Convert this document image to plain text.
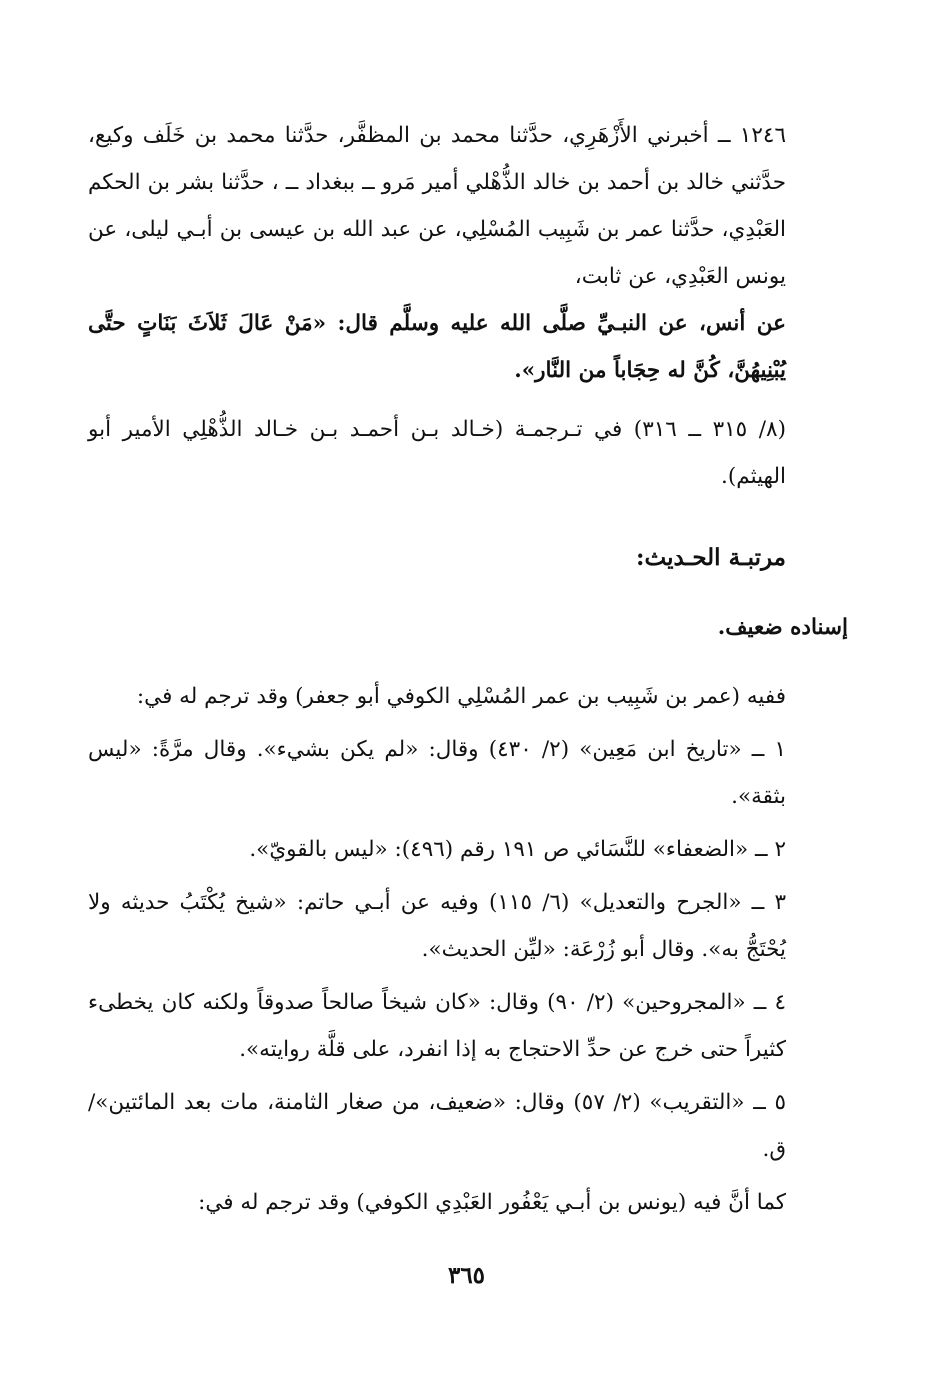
١٢٤٦ ــ أخبرني الأَزْهَرِي، حدَّثنا محمد بن المظفَّر، حدَّثنا محمد بن خَلَف وكيع، حدَّثني خالد بن أحمد بن خالد الذُّهْلي أمير مَرو ــ ببغداد ــ ، حدَّثنا بشر بن الحكم العَبْدِي، حدَّثنا عمر بن شَبِيب المُسْلِي، عن عبد الله بن عيسى بن أبـي ليلى، عن يونس العَبْدِي، عن ثابت،

عن أنس، عن النبـيِّ صلَّى الله عليه وسلَّم قال: «مَنْ عَالَ ثَلاَثَ بَنَاتٍ حتَّى يُبْنِيهُنَّ، كُنَّ له حِجَاباً من النَّار».

(٨/ ٣١٥ ــ ٣١٦) في تـرجمـة (خـالد بـن أحمـد بـن خـالد الذُّهْلِي الأمير أبو الهيثم).

مرتبـة الحـديث:

إسناده ضعيف.

ففيه (عمر بن شَبِيب بن عمر المُسْلِي الكوفي أبو جعفر) وقد ترجم له في:

١ ــ «تاريخ ابن مَعِين» (٢/ ٤٣٠) وقال: «لم يكن بشيء». وقال مرَّةً: «ليس بثقة».

٢ ــ «الضعفاء» للنَّسَائي ص ١٩١ رقم (٤٩٦): «ليس بالقويّ».

٣ ــ «الجرح والتعديل» (٦/ ١١٥) وفيه عن أبـي حاتم: «شيخ يُكْتَبُ حديثه ولا يُحْتَجُّ به». وقال أبو زُرْعَة: «ليِّن الحديث».

٤ ــ «المجروحين» (٢/ ٩٠) وقال: «كان شيخاً صالحاً صدوقاً ولكنه كان يخطىء كثيراً حتى خرج عن حدِّ الاحتجاج به إذا انفرد، على قلَّة روايته».

٥ ــ «التقريب» (٢/ ٥٧) وقال: «ضعيف، من صغار الثامنة، مات بعد المائتين»/ ق.

كما أنَّ فيه (يونس بن أبـي يَعْفُور العَبْدِي الكوفي) وقد ترجم له في:

٣٦٥
